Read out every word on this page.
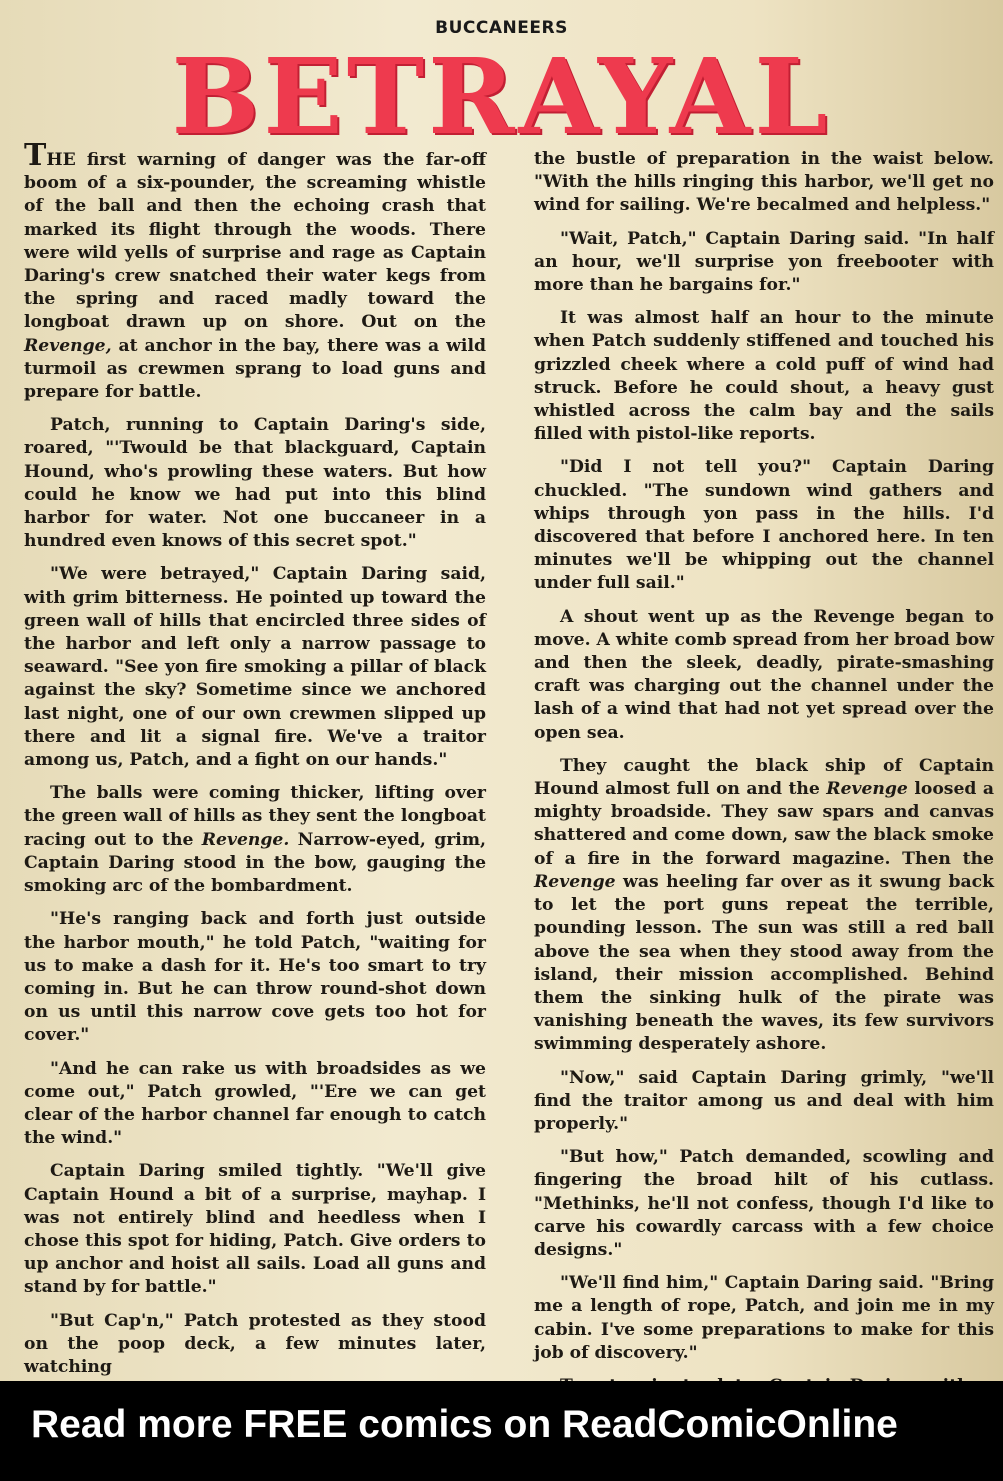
BUCCANEERS
BETRAYAL

THE first warning of danger was the far-off boom of a six-pounder, the screaming whistle of the ball and then the echoing crash that marked its flight through the woods. There were wild yells of surprise and rage as Captain Daring's crew snatched their water kegs from the spring and raced madly toward the longboat drawn up on shore. Out on the Revenge, at anchor in the bay, there was a wild turmoil as crewmen sprang to load guns and prepare for battle.

Patch, running to Captain Daring's side, roared, "'Twould be that blackguard, Captain Hound, who's prowling these waters. But how could he know we had put into this blind harbor for water. Not one buccaneer in a hundred even knows of this secret spot."

"We were betrayed," Captain Daring said, with grim bitterness. He pointed up toward the green wall of hills that encircled three sides of the harbor and left only a narrow passage to seaward. "See yon fire smoking a pillar of black against the sky? Sometime since we anchored last night, one of our own crewmen slipped up there and lit a signal fire. We've a traitor among us, Patch, and a fight on our hands."

The balls were coming thicker, lifting over the green wall of hills as they sent the longboat racing out to the Revenge. Narrow-eyed, grim, Captain Daring stood in the bow, gauging the smoking arc of the bombardment.

"He's ranging back and forth just outside the harbor mouth," he told Patch, "waiting for us to make a dash for it. He's too smart to try coming in. But he can throw round-shot down on us until this narrow cove gets too hot for cover."

"And he can rake us with broadsides as we come out," Patch growled, "'Ere we can get clear of the harbor channel far enough to catch the wind."

Captain Daring smiled tightly. "We'll give Captain Hound a bit of a surprise, mayhap. I was not entirely blind and heedless when I chose this spot for hiding, Patch. Give orders to up anchor and hoist all sails. Load all guns and stand by for battle."

"But Cap'n," Patch protested as they stood on the poop deck, a few minutes later, watching

the bustle of preparation in the waist below. "With the hills ringing this harbor, we'll get no wind for sailing. We're becalmed and helpless."

"Wait, Patch," Captain Daring said. "In half an hour, we'll surprise yon freebooter with more than he bargains for."

It was almost half an hour to the minute when Patch suddenly stiffened and touched his grizzled cheek where a cold puff of wind had struck. Before he could shout, a heavy gust whistled across the calm bay and the sails filled with pistol-like reports.

"Did I not tell you?" Captain Daring chuckled. "The sundown wind gathers and whips through yon pass in the hills. I'd discovered that before I anchored here. In ten minutes we'll be whipping out the channel under full sail."

A shout went up as the Revenge began to move. A white comb spread from her broad bow and then the sleek, deadly, pirate-smashing craft was charging out the channel under the lash of a wind that had not yet spread over the open sea.

They caught the black ship of Captain Hound almost full on and the Revenge loosed a mighty broadside. They saw spars and canvas shattered and come down, saw the black smoke of a fire in the forward magazine. Then the Revenge was heeling far over as it swung back to let the port guns repeat the terrible, pounding lesson. The sun was still a red ball above the sea when they stood away from the island, their mission accomplished. Behind them the sinking hulk of the pirate was vanishing beneath the waves, its few survivors swimming desperately ashore.

"Now," said Captain Daring grimly, "we'll find the traitor among us and deal with him properly."

"But how," Patch demanded, scowling and fingering the broad hilt of his cutlass. "Methinks, he'll not confess, though I'd like to carve his cowardly carcass with a few choice designs."

"We'll find him," Captain Daring said. "Bring me a length of rope, Patch, and join me in my cabin. I've some preparations to make for this job of discovery."

Read more FREE comics on ReadComicOnline
